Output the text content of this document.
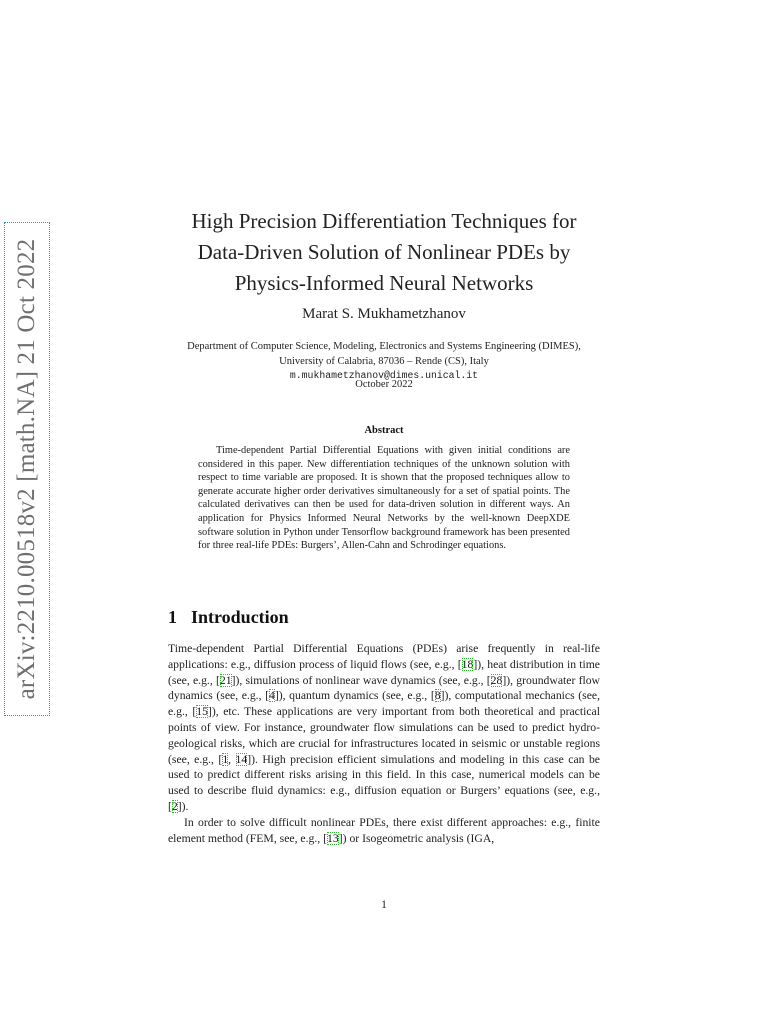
arXiv:2210.00518v2 [math.NA] 21 Oct 2022
High Precision Differentiation Techniques for
Data-Driven Solution of Nonlinear PDEs by
Physics-Informed Neural Networks
Marat S. Mukhametzhanov
Department of Computer Science, Modeling, Electronics and Systems Engineering (DIMES),
University of Calabria, 87036 – Rende (CS), Italy
m.mukhametzhanov@dimes.unical.it
October 2022
Abstract
Time-dependent Partial Differential Equations with given initial conditions are considered in this paper. New differentiation techniques of the unknown solution with respect to time variable are proposed. It is shown that the proposed techniques allow to generate accurate higher order derivatives simultaneously for a set of spatial points. The calculated derivatives can then be used for data-driven solution in different ways. An application for Physics Informed Neural Networks by the well-known DeepXDE software solution in Python under Tensorflow background framework has been presented for three real-life PDEs: Burgers’, Allen-Cahn and Schrodinger equations.
1 Introduction

Time-dependent Partial Differential Equations (PDEs) arise frequently in real-life applications: e.g., diffusion process of liquid flows (see, e.g., [18]), heat distribution in time (see, e.g., [21]), simulations of nonlinear wave dynamics (see, e.g., [28]), groundwater flow dynamics (see, e.g., [4]), quantum dynamics (see, e.g., [8]), computational mechanics (see, e.g., [15]), etc. These applications are very important from both theoretical and practical points of view. For instance, groundwater flow simulations can be used to predict hydro-geological risks, which are crucial for infrastructures located in seismic or unstable regions (see, e.g., [1, 14]). High precision efficient simulations and modeling in this case can be used to predict different risks arising in this field. In this case, numerical models can be used to describe fluid dynamics: e.g., diffusion equation or Burgers’ equations (see, e.g., [2]).

In order to solve difficult nonlinear PDEs, there exist different approaches: e.g., finite element method (FEM, see, e.g., [13]) or Isogeometric analysis (IGA,

1
